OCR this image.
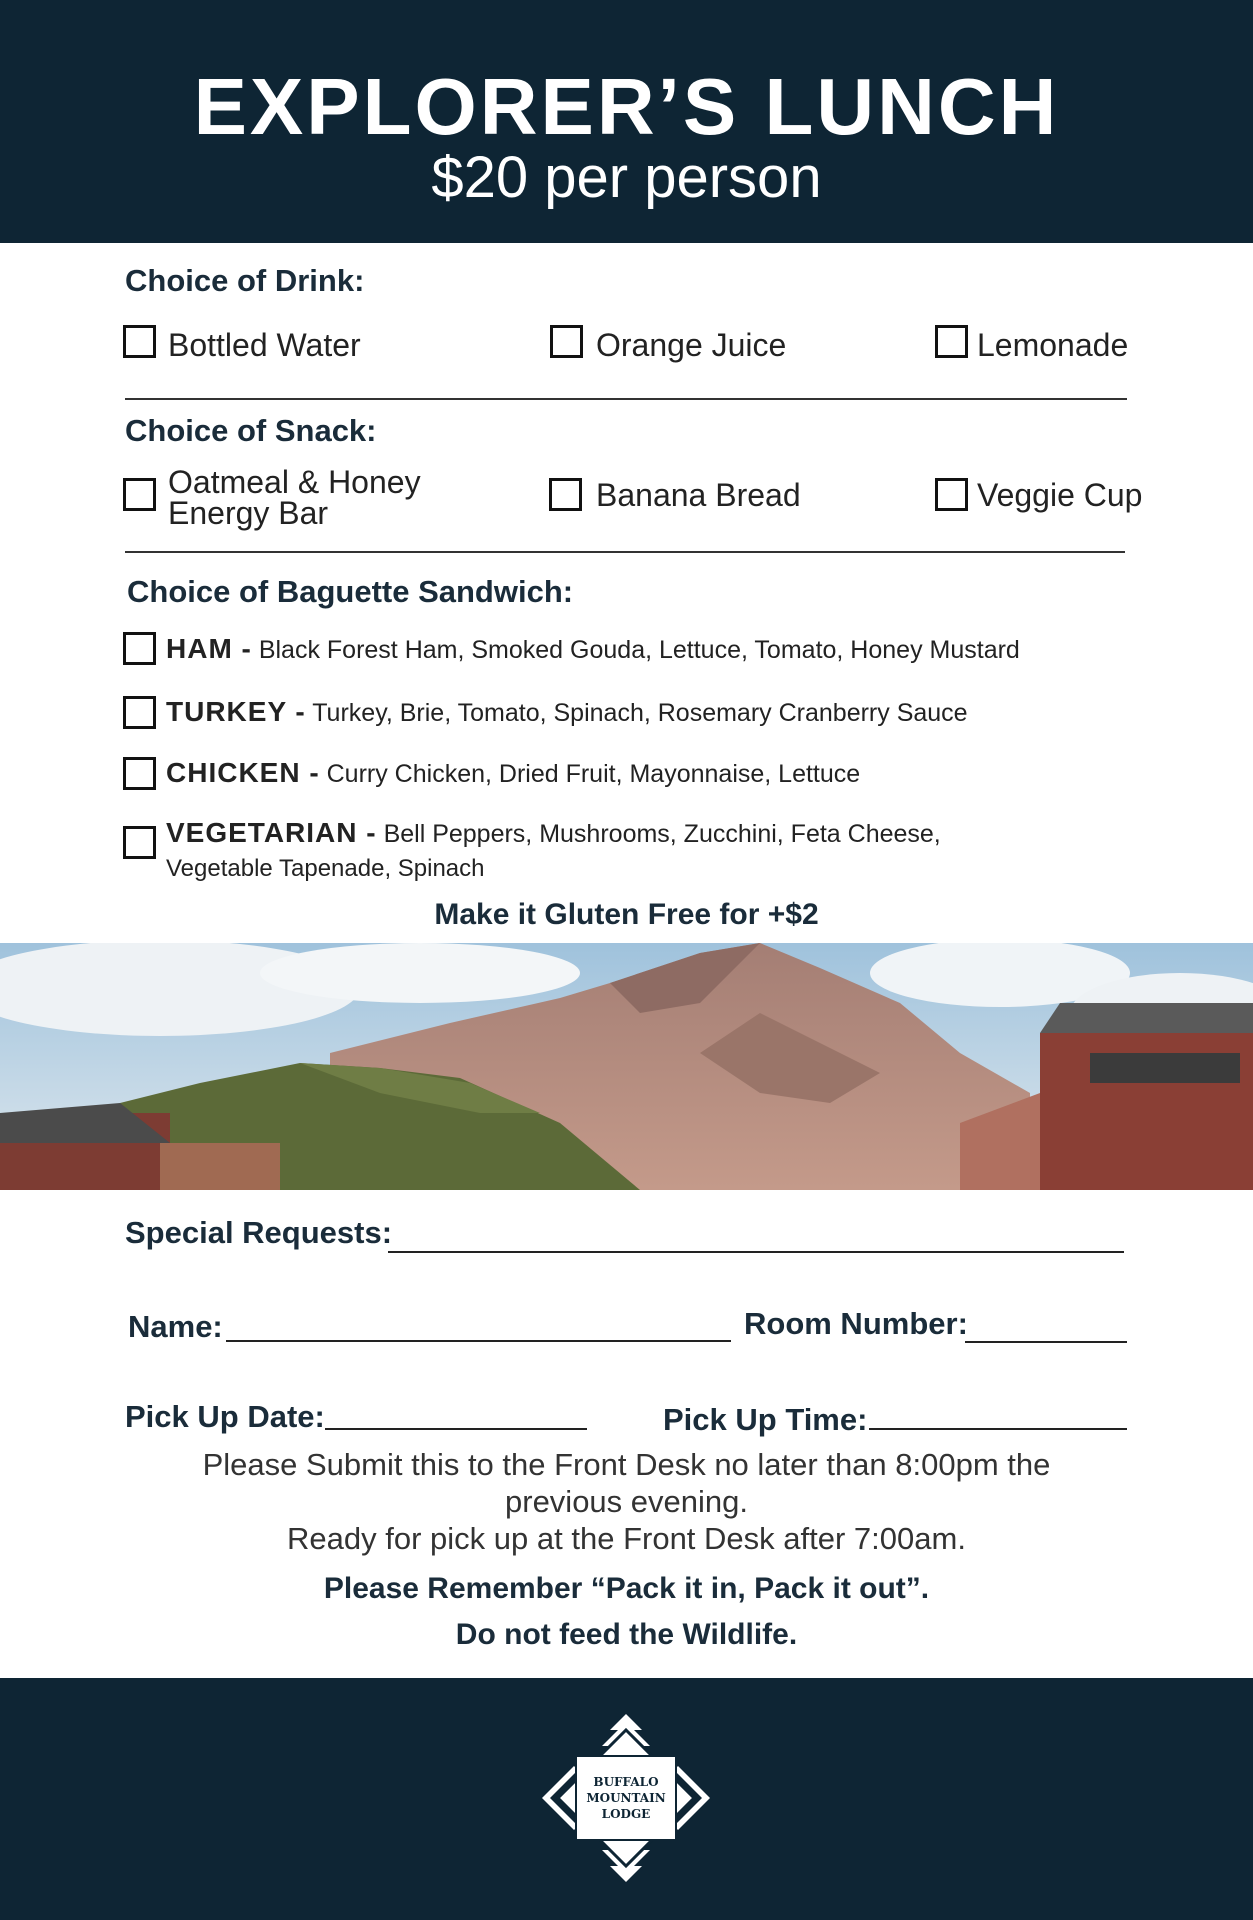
EXPLORER’S LUNCH
$20 per person
Choice of Drink:
Bottled Water	Orange Juice	Lemonade
Choice of Snack:
Oatmeal & Honey
Energy Bar	Banana Bread	Veggie Cup
Choice of Baguette Sandwich:
HAM - Black Forest Ham, Smoked Gouda, Lettuce, Tomato, Honey Mustard
TURKEY - Turkey, Brie, Tomato, Spinach, Rosemary Cranberry Sauce
CHICKEN - Curry Chicken, Dried Fruit, Mayonnaise, Lettuce
VEGETARIAN - Bell Peppers, Mushrooms, Zucchini, Feta Cheese,
Vegetable Tapenade, Spinach
Make it Gluten Free for +$2
Special Requests:
Name:	Room Number:
Pick Up Date:	Pick Up Time:
Please Submit this to the Front Desk no later than 8:00pm the
previous evening.
Ready for pick up at the Front Desk after 7:00am.
Please Remember “Pack it in, Pack it out”.
Do not feed the Wildlife.
BUFFALO
MOUNTAIN
LODGE
